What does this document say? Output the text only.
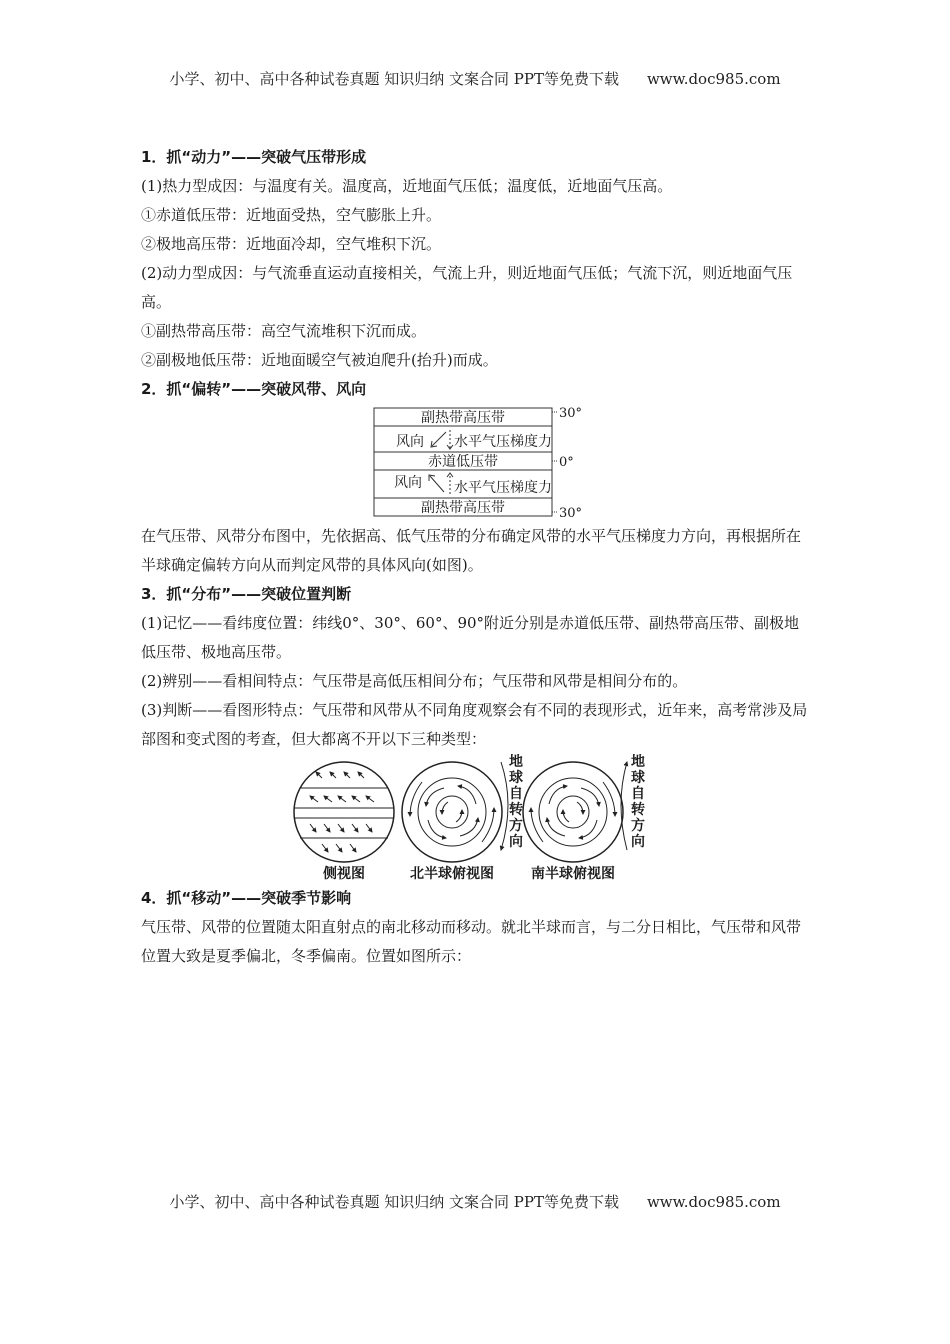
小学、初中、高中各种试卷真题 知识归纳 文案合同 PPT等免费下载 www.doc985.com

1．抓“动力”——突破气压带形成

(1)热力型成因：与温度有关。温度高，近地面气压低；温度低，近地面气压高。

①赤道低压带：近地面受热，空气膨胀上升。

②极地高压带：近地面冷却，空气堆积下沉。

(2)动力型成因：与气流垂直运动直接相关，气流上升，则近地面气压低；气流下沉，则近地面气压高。

①副热带高压带：高空气流堆积下沉而成。

②副极地低压带：近地面暖空气被迫爬升(抬升)而成。

2．抓“偏转”——突破风带、风向

副热带高压带
风向 水平气压梯度力
赤道低压带
风向 水平气压梯度力
副热带高压带
30°
0°
30°

在气压带、风带分布图中，先依据高、低气压带的分布确定风带的水平气压梯度力方向，再根据所在半球确定偏转方向从而判定风带的具体风向(如图)。

3．抓“分布”——突破位置判断

(1)记忆——看纬度位置：纬线0°、30°、60°、90°附近分别是赤道低压带、副热带高压带、副极地低压带、极地高压带。

(2)辨别——看相间特点：气压带是高低压相间分布；气压带和风带是相间分布的。

(3)判断——看图形特点：气压带和风带从不同角度观察会有不同的表现形式，近年来，高考常涉及局部图和变式图的考查，但大都离不开以下三种类型：

地
球
自
转
方
向
地
球
自
转
方
向
侧视图	北半球俯视图	南半球俯视图

4．抓“移动”——突破季节影响

气压带、风带的位置随太阳直射点的南北移动而移动。就北半球而言，与二分日相比，气压带和风带位置大致是夏季偏北，冬季偏南。位置如图所示：

小学、初中、高中各种试卷真题 知识归纳 文案合同 PPT等免费下载 www.doc985.com
